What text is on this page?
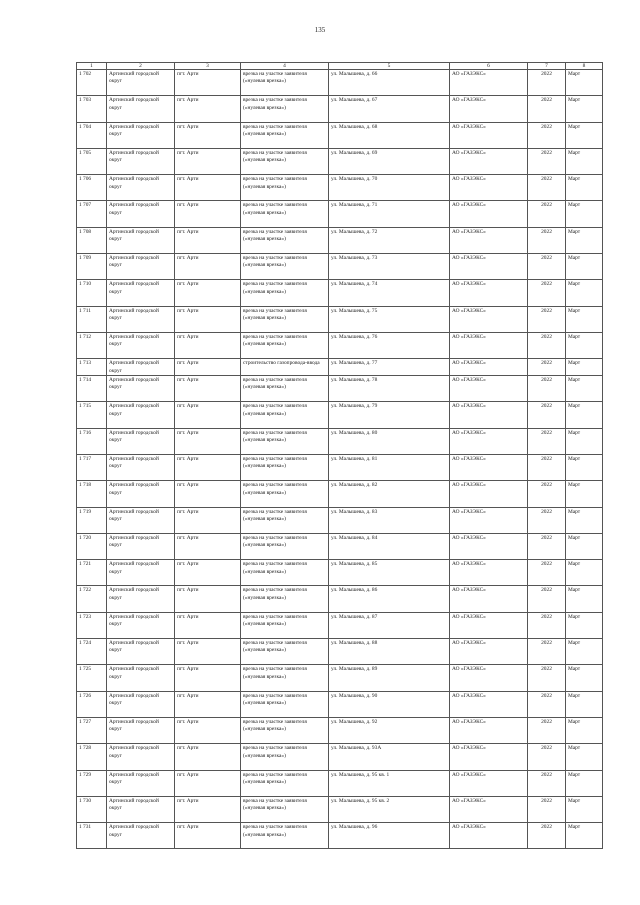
135
1	2	3	4	5	6	7	8
1 702	Артинский городской округ	пгт. Арти	врезка на участке заявителя («нулевая врезка»)	ул. Малышева, д. 66	АО «ГАЗЭКС»	2022	Март
1 703	Артинский городской округ	пгт. Арти	врезка на участке заявителя («нулевая врезка»)	ул. Малышева, д. 67	АО «ГАЗЭКС»	2022	Март
1 704	Артинский городской округ	пгт. Арти	врезка на участке заявителя («нулевая врезка»)	ул. Малышева, д. 68	АО «ГАЗЭКС»	2022	Март
1 705	Артинский городской округ	пгт. Арти	врезка на участке заявителя («нулевая врезка»)	ул. Малышева, д. 69	АО «ГАЗЭКС»	2022	Март
1 706	Артинский городской округ	пгт. Арти	врезка на участке заявителя («нулевая врезка»)	ул. Малышева, д. 70	АО «ГАЗЭКС»	2022	Март
1 707	Артинский городской округ	пгт. Арти	врезка на участке заявителя («нулевая врезка»)	ул. Малышева, д. 71	АО «ГАЗЭКС»	2022	Март
1 708	Артинский городской округ	пгт. Арти	врезка на участке заявителя («нулевая врезка»)	ул. Малышева, д. 72	АО «ГАЗЭКС»	2022	Март
1 709	Артинский городской округ	пгт. Арти	врезка на участке заявителя («нулевая врезка»)	ул. Малышева, д. 73	АО «ГАЗЭКС»	2022	Март
1 710	Артинский городской округ	пгт. Арти	врезка на участке заявителя («нулевая врезка»)	ул. Малышева, д. 74	АО «ГАЗЭКС»	2022	Март
1 711	Артинский городской округ	пгт. Арти	врезка на участке заявителя («нулевая врезка»)	ул. Малышева, д. 75	АО «ГАЗЭКС»	2022	Март
1 712	Артинский городской округ	пгт. Арти	врезка на участке заявителя («нулевая врезка»)	ул. Малышева, д. 76	АО «ГАЗЭКС»	2022	Март
1 713	Артинский городской округ	пгт. Арти	строительство газопровода-ввода	ул. Малышева, д. 77	АО «ГАЗЭКС»	2022	Март
1 714	Артинский городской округ	пгт. Арти	врезка на участке заявителя («нулевая врезка»)	ул. Малышева, д. 78	АО «ГАЗЭКС»	2022	Март
1 715	Артинский городской округ	пгт. Арти	врезка на участке заявителя («нулевая врезка»)	ул. Малышева, д. 79	АО «ГАЗЭКС»	2022	Март
1 716	Артинский городской округ	пгт. Арти	врезка на участке заявителя («нулевая врезка»)	ул. Малышева, д. 80	АО «ГАЗЭКС»	2022	Март
1 717	Артинский городской округ	пгт. Арти	врезка на участке заявителя («нулевая врезка»)	ул. Малышева, д. 81	АО «ГАЗЭКС»	2022	Март
1 718	Артинский городской округ	пгт. Арти	врезка на участке заявителя («нулевая врезка»)	ул. Малышева, д. 82	АО «ГАЗЭКС»	2022	Март
1 719	Артинский городской округ	пгт. Арти	врезка на участке заявителя («нулевая врезка»)	ул. Малышева, д. 83	АО «ГАЗЭКС»	2022	Март
1 720	Артинский городской округ	пгт. Арти	врезка на участке заявителя («нулевая врезка»)	ул. Малышева, д. 84	АО «ГАЗЭКС»	2022	Март
1 721	Артинский городской округ	пгт. Арти	врезка на участке заявителя («нулевая врезка»)	ул. Малышева, д. 85	АО «ГАЗЭКС»	2022	Март
1 722	Артинский городской округ	пгт. Арти	врезка на участке заявителя («нулевая врезка»)	ул. Малышева, д. 86	АО «ГАЗЭКС»	2022	Март
1 723	Артинский городской округ	пгт. Арти	врезка на участке заявителя («нулевая врезка»)	ул. Малышева, д. 87	АО «ГАЗЭКС»	2022	Март
1 724	Артинский городской округ	пгт. Арти	врезка на участке заявителя («нулевая врезка»)	ул. Малышева, д. 88	АО «ГАЗЭКС»	2022	Март
1 725	Артинский городской округ	пгт. Арти	врезка на участке заявителя («нулевая врезка»)	ул. Малышева, д. 89	АО «ГАЗЭКС»	2022	Март
1 726	Артинский городской округ	пгт. Арти	врезка на участке заявителя («нулевая врезка»)	ул. Малышева, д. 90	АО «ГАЗЭКС»	2022	Март
1 727	Артинский городской округ	пгт. Арти	врезка на участке заявителя («нулевая врезка»)	ул. Малышева, д. 92	АО «ГАЗЭКС»	2022	Март
1 728	Артинский городской округ	пгт. Арти	врезка на участке заявителя («нулевая врезка»)	ул. Малышева, д. 93А	АО «ГАЗЭКС»	2022	Март
1 729	Артинский городской округ	пгт. Арти	врезка на участке заявителя («нулевая врезка»)	ул. Малышева, д. 95 кв. 1	АО «ГАЗЭКС»	2022	Март
1 730	Артинский городской округ	пгт. Арти	врезка на участке заявителя («нулевая врезка»)	ул. Малышева, д. 95 кв. 2	АО «ГАЗЭКС»	2022	Март
1 731	Артинский городской округ	пгт. Арти	врезка на участке заявителя («нулевая врезка»)	ул. Малышева, д. 96	АО «ГАЗЭКС»	2022	Март
